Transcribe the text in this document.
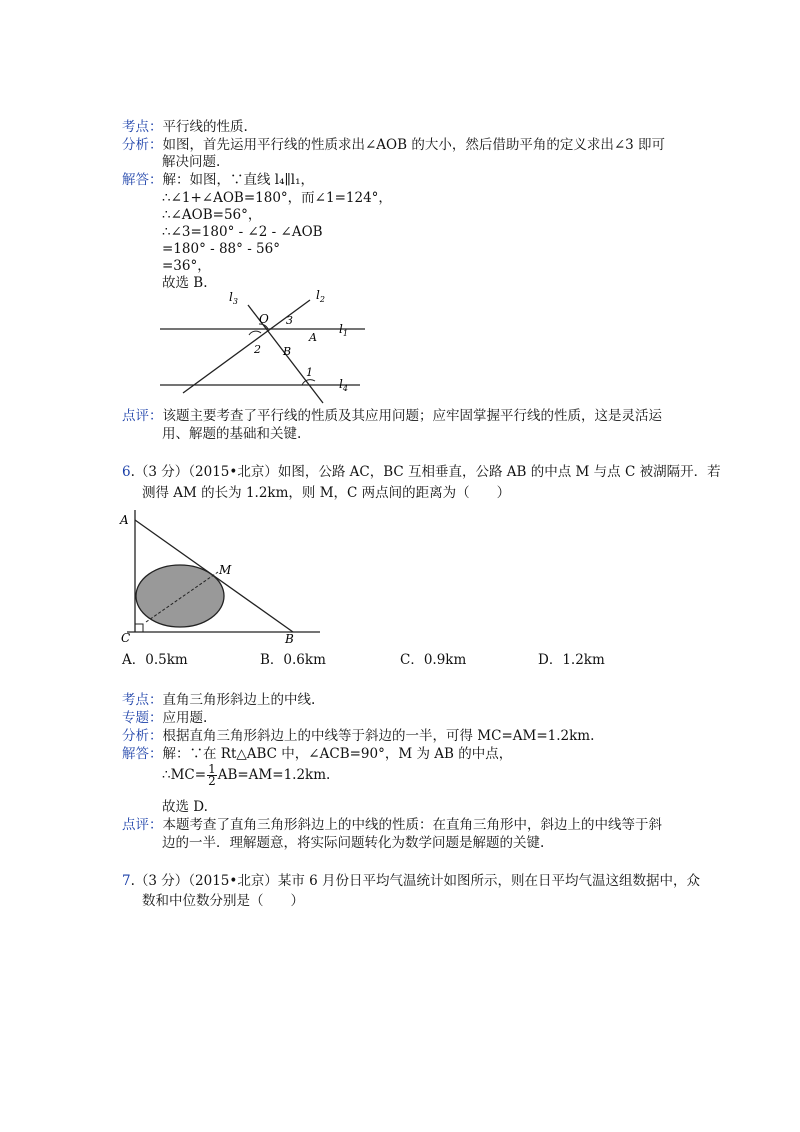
考点：平行线的性质.
分析：如图，首先运用平行线的性质求出∠AOB 的大小，然后借助平角的定义求出∠3 即可
解决问题.
解答：解：如图，∵直线 l₄∥l₁，
∴∠1+∠AOB=180°，而∠1=124°，
∴∠AOB=56°，
∴∠3=180° - ∠2 - ∠AOB
=180° - 88° - 56°
=36°，
故选 B.
$l_3$	$l_2$
$l_1$
$l_4$
O
A
B
3
2
1
点评：该题主要考查了平行线的性质及其应用问题；应牢固掌握平行线的性质，这是灵活运
用、解题的基础和关键.
6.（3 分）（2015•北京）如图，公路 AC，BC 互相垂直，公路 AB 的中点 M 与点 C 被湖隔开．若
测得 AM 的长为 1.2km，则 M，C 两点间的距离为（　　）
A
M
C	B
A．0.5km	B．0.6km	C．0.9km	D．1.2km
考点：直角三角形斜边上的中线.
专题：应用题.
分析：根据直角三角形斜边上的中线等于斜边的一半，可得 MC=AM=1.2km.
解答：解：∵在 Rt△ABC 中，∠ACB=90°，M 为 AB 的中点，
∴MC= $\frac{1}{2} AB=AM=1.2km$.
故选 D.
点评：本题考查了直角三角形斜边上的中线的性质：在直角三角形中，斜边上的中线等于斜
边的一半．理解题意，将实际问题转化为数学问题是解题的关键.
7.（3 分）（2015•北京）某市 6 月份日平均气温统计如图所示，则在日平均气温这组数据中，众
数和中位数分别是（　　）
